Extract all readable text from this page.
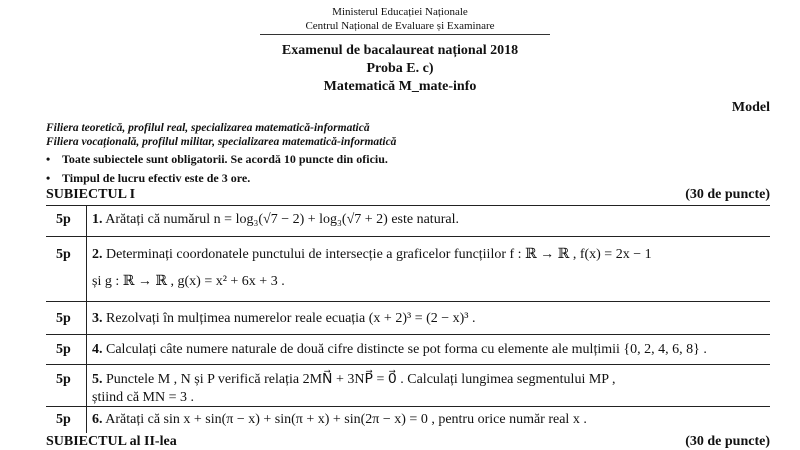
Ministerul Educației Naționale
Centrul Național de Evaluare și Examinare
Examenul de bacalaureat național 2018
Proba E. c)
Matematică M_mate-info
Model
Filiera teoretică, profilul real, specializarea matematică-informatică
Filiera vocațională, profilul militar, specializarea matematică-informatică
• Toate subiectele sunt obligatorii. Se acordă 10 puncte din oficiu.
• Timpul de lucru efectiv este de 3 ore.
SUBIECTUL I	(30 de puncte)
5p 1. Arătați că numărul n = log₃(√7 − 2) + log₃(√7 + 2) este natural.
5p 2. Determinați coordonatele punctului de intersecție a graficelor funcțiilor f : ℝ → ℝ , f(x) = 2x − 1
și g : ℝ → ℝ , g(x) = x² + 6x + 3 .
5p 3. Rezolvați în mulțimea numerelor reale ecuația (x + 2)³ = (2 − x)³ .
5p 4. Calculați câte numere naturale de două cifre distincte se pot forma cu elemente ale mulțimii {0, 2, 4, 6, 8} .
5p 5. Punctele M , N și P verifică relația 2MN⃗ + 3NP⃗ = 0⃗ . Calculați lungimea segmentului MP ,
știind că MN = 3 .
5p 6. Arătați că sin x + sin(π − x) + sin(π + x) + sin(2π − x) = 0 , pentru orice număr real x .
SUBIECTUL al II-lea	(30 de puncte)
